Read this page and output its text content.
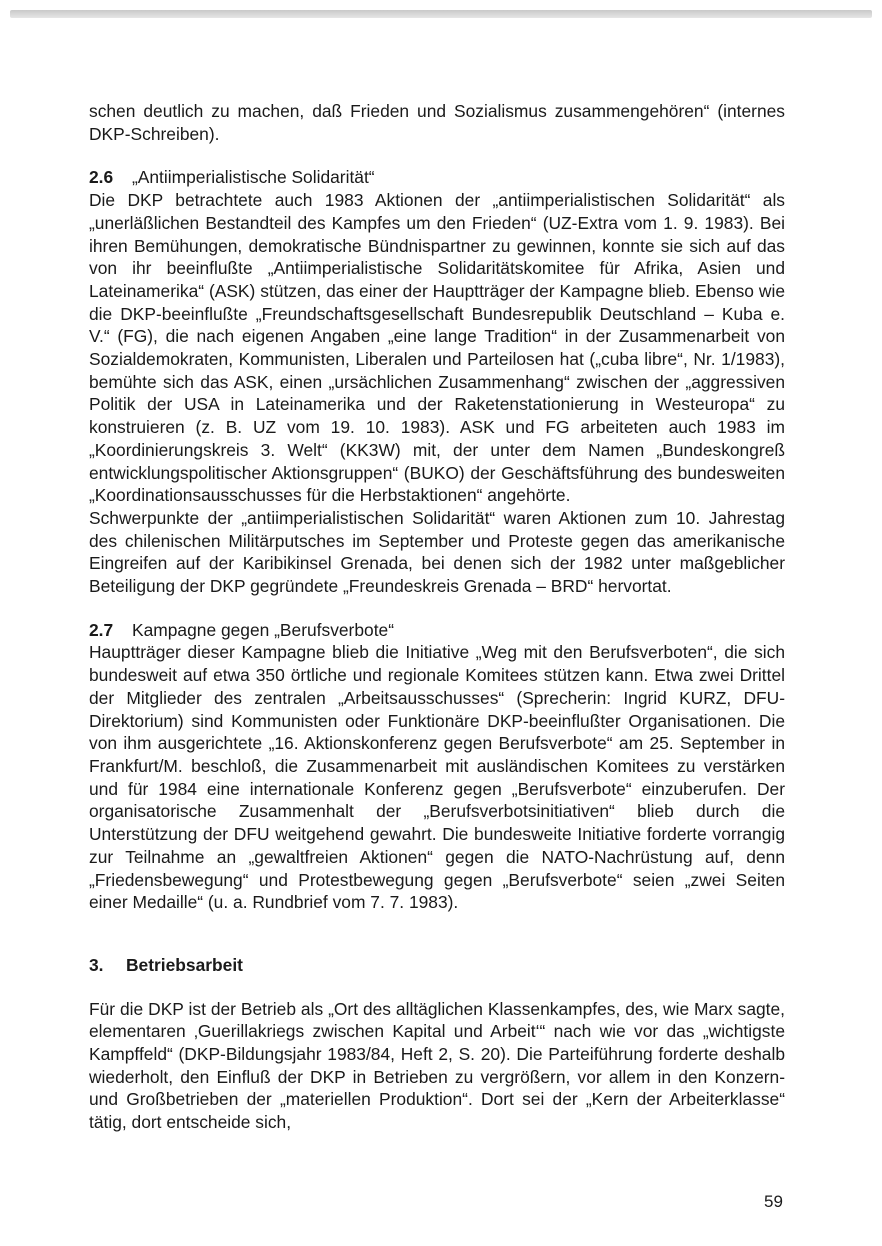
schen deutlich zu machen, daß Frieden und Sozialismus zusammengehören“ (internes DKP-Schreiben).

2.6 „Antiimperialistische Solidarität“

Die DKP betrachtete auch 1983 Aktionen der „antiimperialistischen Solidarität“ als „unerläßlichen Bestandteil des Kampfes um den Frieden“ (UZ-Extra vom 1. 9. 1983). Bei ihren Bemühungen, demokratische Bündnispartner zu gewinnen, konnte sie sich auf das von ihr beeinflußte „Antiimperialistische Solidaritätskomitee für Afrika, Asien und Lateinamerika“ (ASK) stützen, das einer der Hauptträger der Kampagne blieb. Ebenso wie die DKP-beeinflußte „Freundschaftsgesellschaft Bundesrepublik Deutschland – Kuba e. V.“ (FG), die nach eigenen Angaben „eine lange Tradition“ in der Zusammenarbeit von Sozialdemokraten, Kommunisten, Liberalen und Parteilosen hat („cuba libre“, Nr. 1/1983), bemühte sich das ASK, einen „ursächlichen Zusammenhang“ zwischen der „aggressiven Politik der USA in Lateinamerika und der Raketenstationierung in Westeuropa“ zu konstruieren (z. B. UZ vom 19. 10. 1983). ASK und FG arbeiteten auch 1983 im „Koordinierungskreis 3. Welt“ (KK3W) mit, der unter dem Namen „Bundeskongreß entwicklungspolitischer Aktionsgruppen“ (BUKO) der Geschäftsführung des bundesweiten „Koordinationsausschusses für die Herbstaktionen“ angehörte.

Schwerpunkte der „antiimperialistischen Solidarität“ waren Aktionen zum 10. Jahrestag des chilenischen Militärputsches im September und Proteste gegen das amerikanische Eingreifen auf der Karibikinsel Grenada, bei denen sich der 1982 unter maßgeblicher Beteiligung der DKP gegründete „Freundeskreis Grenada – BRD“ hervortat.

2.7 Kampagne gegen „Berufsverbote“

Hauptträger dieser Kampagne blieb die Initiative „Weg mit den Berufsverboten“, die sich bundesweit auf etwa 350 örtliche und regionale Komitees stützen kann. Etwa zwei Drittel der Mitglieder des zentralen „Arbeitsausschusses“ (Sprecherin: Ingrid KURZ, DFU-Direktorium) sind Kommunisten oder Funktionäre DKP-beeinflußter Organisationen. Die von ihm ausgerichtete „16. Aktionskonferenz gegen Berufsverbote“ am 25. September in Frankfurt/M. beschloß, die Zusammenarbeit mit ausländischen Komitees zu verstärken und für 1984 eine internationale Konferenz gegen „Berufsverbote“ einzuberufen. Der organisatorische Zusammenhalt der „Berufsverbotsinitiativen“ blieb durch die Unterstützung der DFU weitgehend gewahrt. Die bundesweite Initiative forderte vorrangig zur Teilnahme an „gewaltfreien Aktionen“ gegen die NATO-Nachrüstung auf, denn „Friedensbewegung“ und Protestbewegung gegen „Berufsverbote“ seien „zwei Seiten einer Medaille“ (u. a. Rundbrief vom 7. 7. 1983).

3. Betriebsarbeit

Für die DKP ist der Betrieb als „Ort des alltäglichen Klassenkampfes, des, wie Marx sagte, elementaren ‚Guerillakriegs zwischen Kapital und Arbeit‘“ nach wie vor das „wichtigste Kampffeld“ (DKP-Bildungsjahr 1983/84, Heft 2, S. 20). Die Parteiführung forderte deshalb wiederholt, den Einfluß der DKP in Betrieben zu vergrößern, vor allem in den Konzern- und Großbetrieben der „materiellen Produktion“. Dort sei der „Kern der Arbeiterklasse“ tätig, dort entscheide sich,

59
